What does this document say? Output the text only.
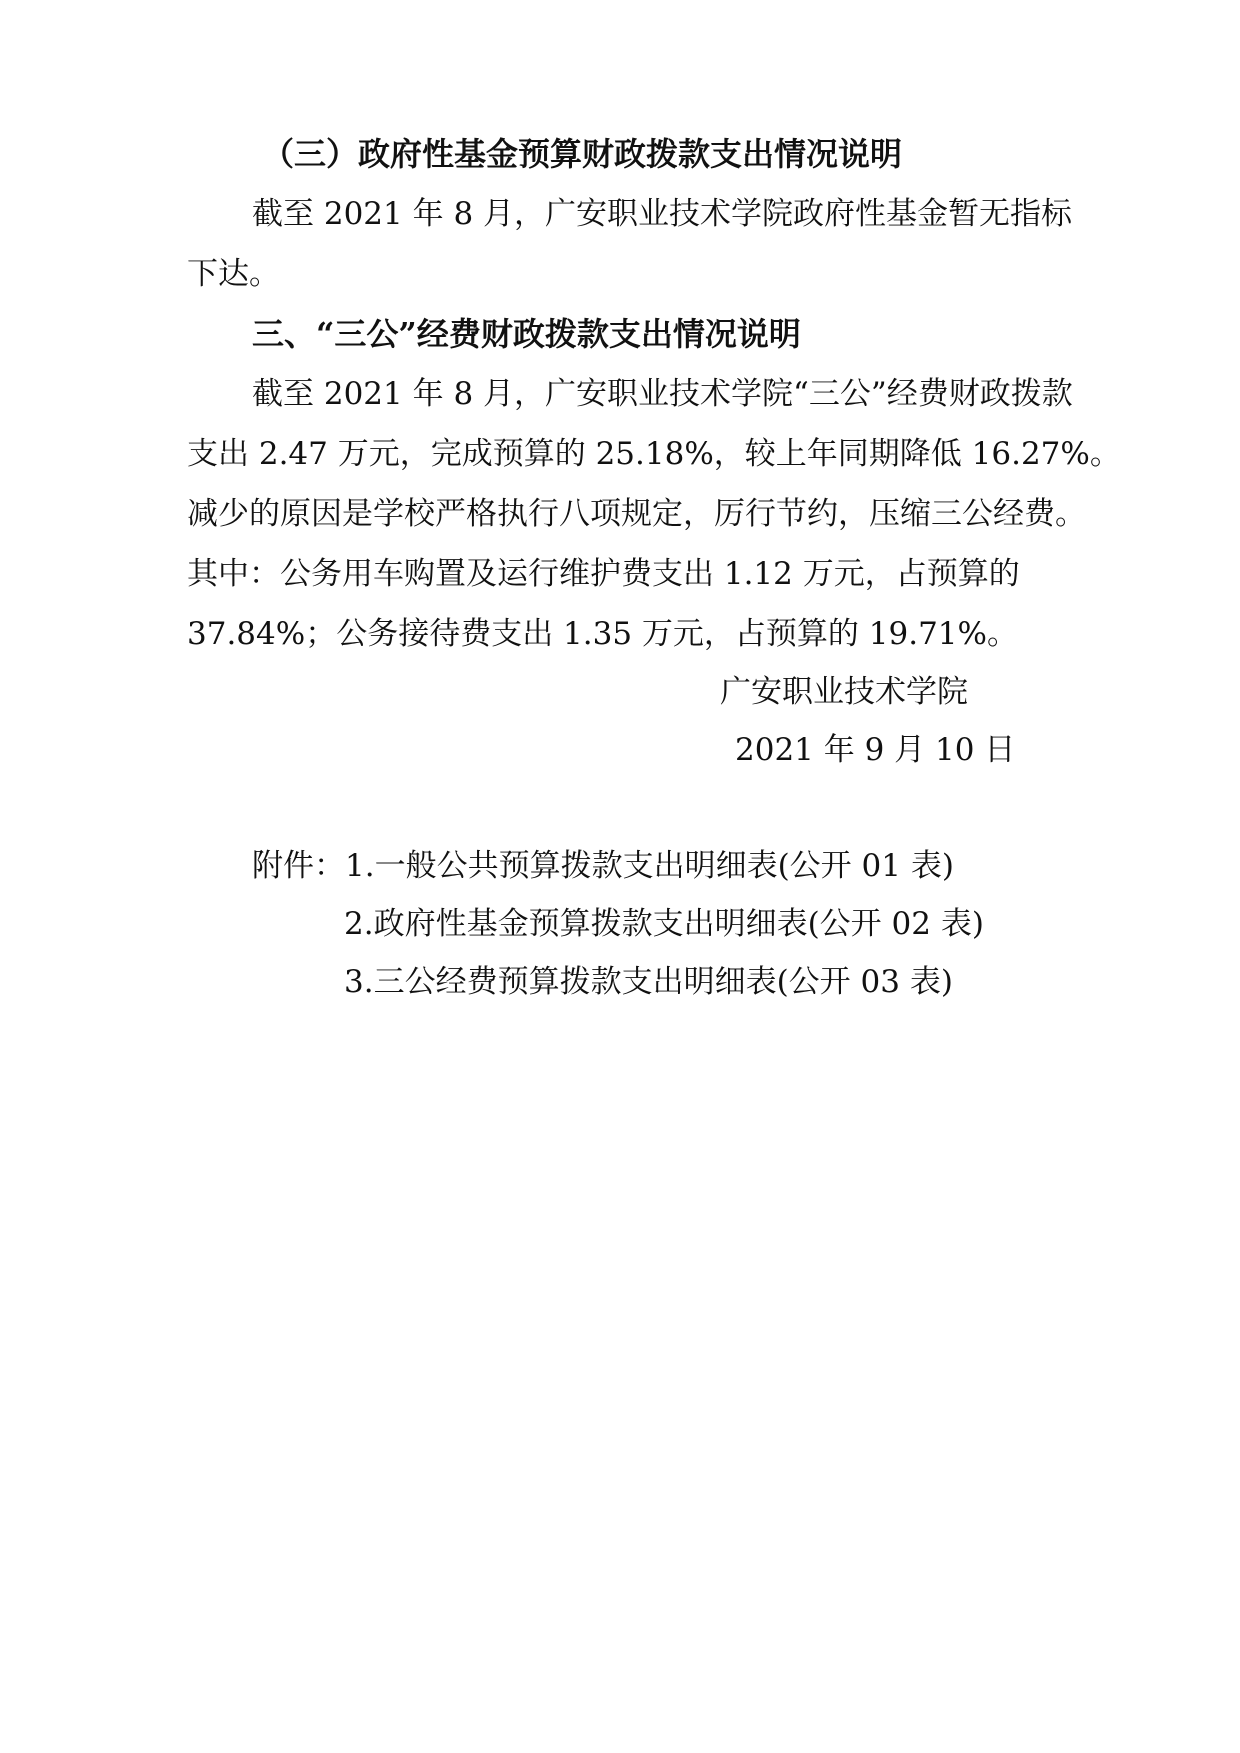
（三）政府性基金预算财政拨款支出情况说明
截至 2021 年 8 月，广安职业技术学院政府性基金暂无指标
下达。
三、“三公”经费财政拨款支出情况说明
截至 2021 年 8 月，广安职业技术学院“三公”经费财政拨款
支出 2.47 万元，完成预算的 25.18%，较上年同期降低 16.27%。
减少的原因是学校严格执行八项规定，厉行节约，压缩三公经费。
其中：公务用车购置及运行维护费支出 1.12 万元，占预算的
37.84%；公务接待费支出 1.35 万元，占预算的 19.71%。
广安职业技术学院
2021 年 9 月 10 日
附件：1.一般公共预算拨款支出明细表(公开 01 表)
2.政府性基金预算拨款支出明细表(公开 02 表)
3.三公经费预算拨款支出明细表(公开 03 表)
